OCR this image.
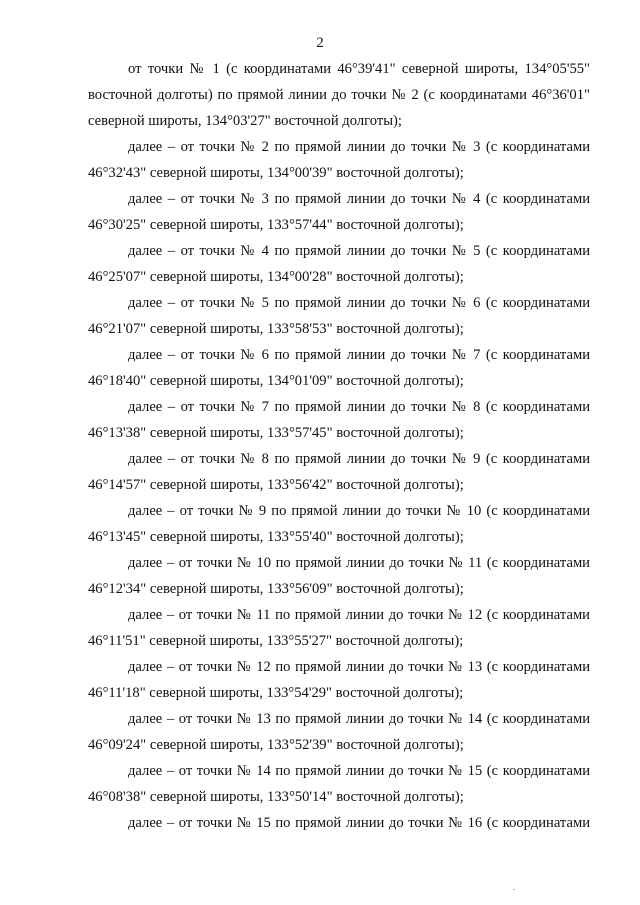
2

от точки № 1 (с координатами 46°39'41" северной широты, 134°05'55" восточной долготы) по прямой линии до точки № 2 (с координатами 46°36'01" северной широты, 134°03'27" восточной долготы);

далее – от точки № 2 по прямой линии до точки № 3 (с координатами 46°32'43" северной широты, 134°00'39" восточной долготы);

далее – от точки № 3 по прямой линии до точки № 4 (с координатами 46°30'25" северной широты, 133°57'44" восточной долготы);

далее – от точки № 4 по прямой линии до точки № 5 (с координатами 46°25'07" северной широты, 134°00'28" восточной долготы);

далее – от точки № 5 по прямой линии до точки № 6 (с координатами 46°21'07" северной широты, 133°58'53" восточной долготы);

далее – от точки № 6 по прямой линии до точки № 7 (с координатами 46°18'40" северной широты, 134°01'09" восточной долготы);

далее – от точки № 7 по прямой линии до точки № 8 (с координатами 46°13'38" северной широты, 133°57'45" восточной долготы);

далее – от точки № 8 по прямой линии до точки № 9 (с координатами 46°14'57" северной широты, 133°56'42" восточной долготы);

далее – от точки № 9 по прямой линии до точки № 10 (с координатами 46°13'45" северной широты, 133°55'40" восточной долготы);

далее – от точки № 10 по прямой линии до точки № 11 (с координатами 46°12'34" северной широты, 133°56'09" восточной долготы);

далее – от точки № 11 по прямой линии до точки № 12 (с координатами 46°11'51" северной широты, 133°55'27" восточной долготы);

далее – от точки № 12 по прямой линии до точки № 13 (с координатами 46°11'18" северной широты, 133°54'29" восточной долготы);

далее – от точки № 13 по прямой линии до точки № 14 (с координатами 46°09'24" северной широты, 133°52'39" восточной долготы);

далее – от точки № 14 по прямой линии до точки № 15 (с координатами 46°08'38" северной широты, 133°50'14" восточной долготы);

далее – от точки № 15 по прямой линии до точки № 16 (с координатами
